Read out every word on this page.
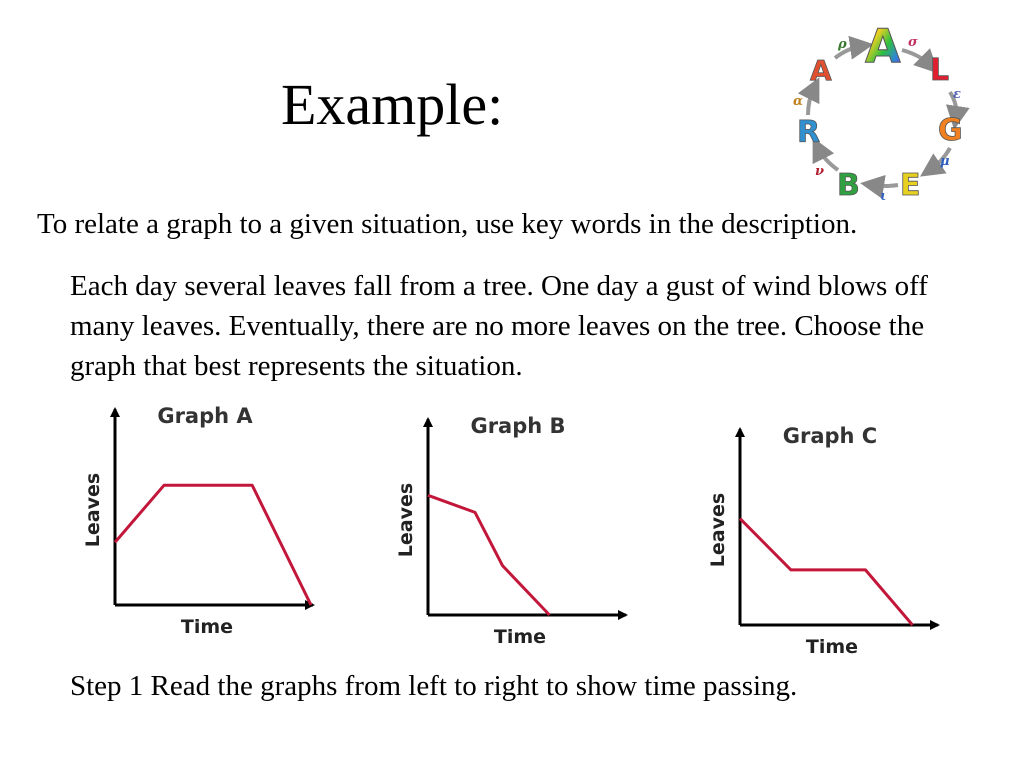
Example:
A L
G
E
B
R
A
ρ	σ
ε
μ
ι
ν
α
To relate a graph to a given situation, use key words in the description.
Each day several leaves fall from a tree. One day a gust of wind blows off many leaves. Eventually, there are no more leaves on the tree. Choose the graph that best represents the situation.
Graph A
Time
Leaves
Graph B
Time
Leaves
Graph C
Time
Leaves
Step 1 Read the graphs from left to right to show time passing.
